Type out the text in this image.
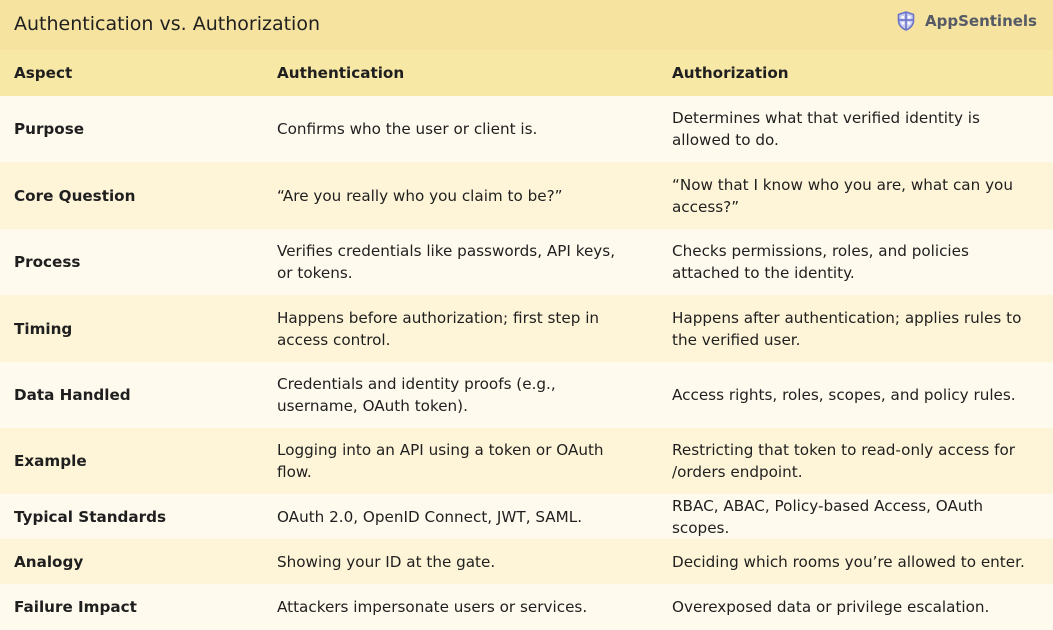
Authentication vs. Authorization	AppSentinels
Aspect	Authentication	Authorization
Purpose	Confirms who the user or client is.	Determines what that verified identity is allowed to do.
Core Question	“Are you really who you claim to be?”	“Now that I know who you are, what can you access?”
Process	Verifies credentials like passwords, API keys, or tokens.	Checks permissions, roles, and policies attached to the identity.
Timing	Happens before authorization; first step in access control.	Happens after authentication; applies rules to the verified user.
Data Handled	Credentials and identity proofs (e.g., username, OAuth token).	Access rights, roles, scopes, and policy rules.
Example	Logging into an API using a token or OAuth flow.	Restricting that token to read-only access for /orders endpoint.
Typical Standards	OAuth 2.0, OpenID Connect, JWT, SAML.	RBAC, ABAC, Policy-based Access, OAuth scopes.
Analogy	Showing your ID at the gate.	Deciding which rooms you’re allowed to enter.
Failure Impact	Attackers impersonate users or services.	Overexposed data or privilege escalation.
